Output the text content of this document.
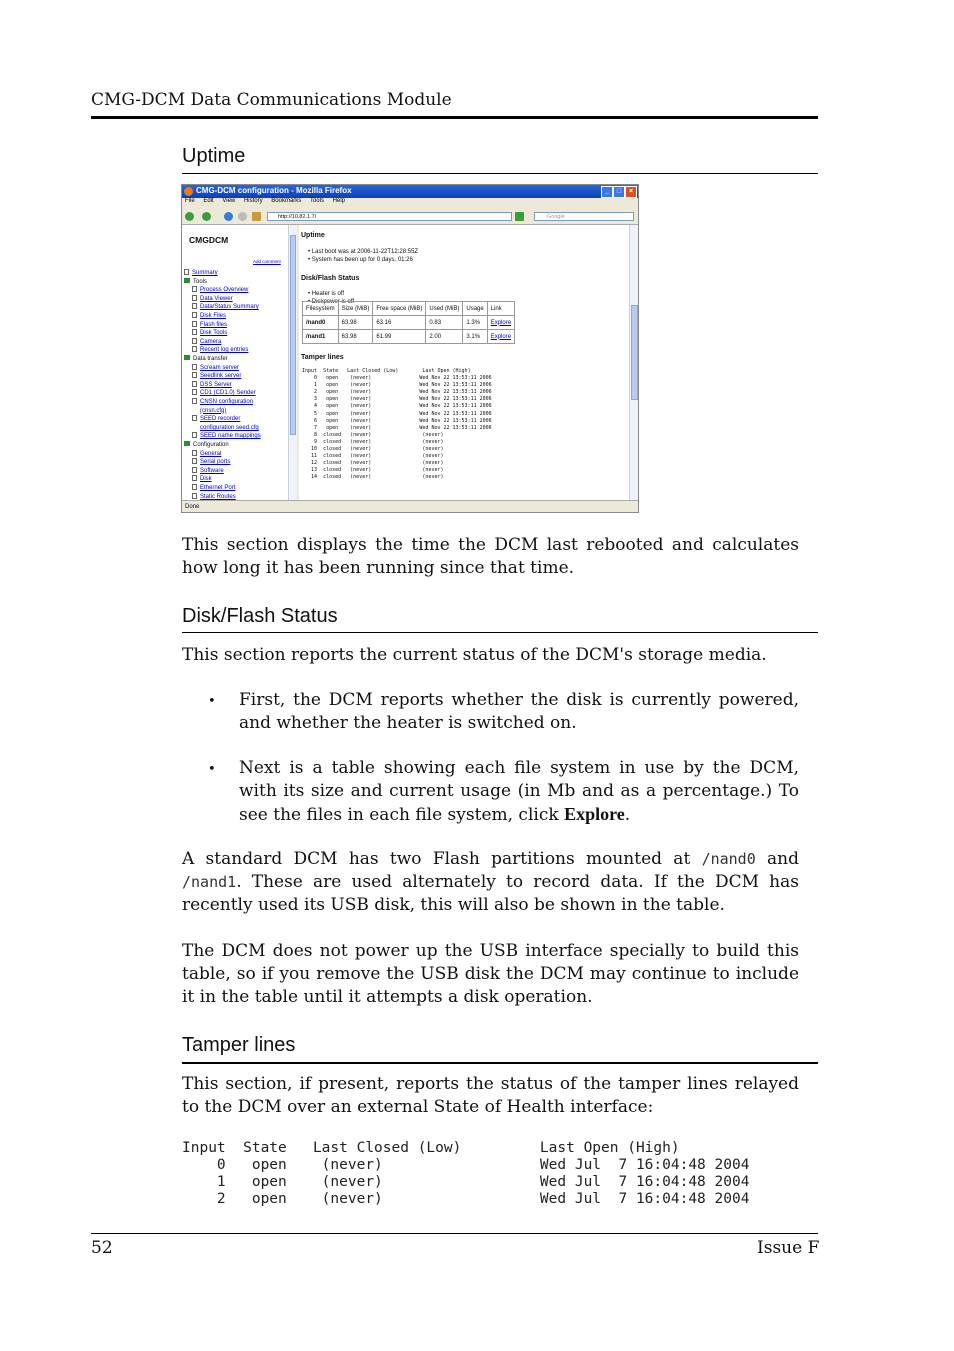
CMG-DCM Data Communications Module
Uptime
CMG-DCM configuration - Mozilla Firefox	_	□	×
File Edit View History Bookmarks Tools Help
http://10.82.1.7/	Google
CMGDCM
Add comment
Summary
Tools
Process Overview
Data Viewer
Data/Status Summary
Disk Files
Flash files
Disk Tools
Camera
Recent log entries
Data transfer
Scream server
Seedlink server
DSS Server
CD1 (CD1.0) Sender
CNSN configuration
(cnsn.cfg)
SEED recorder
configuration seed.cfg
SEED name mappings
Configuration
General
Serial ports
Software
Disk
Ethernet Port
Static Routes
Uptime
• Last boot was at 2006-11-22T12:28:55Z
• System has been up for 0 days, 01:26
Disk/Flash Status
• Heater is off
• Diskpower is off
Filesystem	Size (MiB)	Free space (MiB)	Used (MiB)	Usage	Link
/nand0	63.98	63.16	0.83	1.3%	Explore
/nand1	63.98	61.99	2.00	3.1%	Explore
Tamper lines
Input  State   Last Closed (Low)        Last Open (High)
0   open    (never)                Wed Nov 22 13:53:11 2006
1   open    (never)                Wed Nov 22 13:53:11 2006
2   open    (never)                Wed Nov 22 13:53:11 2006
3   open    (never)                Wed Nov 22 13:53:11 2006
4   open    (never)                Wed Nov 22 13:53:11 2006
5   open    (never)                Wed Nov 22 13:53:11 2006
6   open    (never)                Wed Nov 22 13:53:11 2006
7   open    (never)                Wed Nov 22 13:53:11 2006
8  closed   (never)                 (never)
9  closed   (never)                 (never)
10  closed   (never)                 (never)
11  closed   (never)                 (never)
12  closed   (never)                 (never)
13  closed   (never)                 (never)
14  closed   (never)                 (never)
Done
This section displays the time the DCM last rebooted and calculates how long it has been running since that time.
Disk/Flash Status
This section reports the current status of the DCM's storage media.
• First, the DCM reports whether the disk is currently powered, and whether the heater is switched on.
• Next is a table showing each file system in use by the DCM, with its size and current usage (in Mb and as a percentage.) To see the files in each file system, click Explore.
A standard DCM has two Flash partitions mounted at /nand0 and /nand1. These are used alternately to record data. If the DCM has recently used its USB disk, this will also be shown in the table.
The DCM does not power up the USB interface specially to build this table, so if you remove the USB disk the DCM may continue to include it in the table until it attempts a disk operation.
Tamper lines
This section, if present, reports the status of the tamper lines relayed to the DCM over an external State of Health interface:
Input  State   Last Closed (Low)         Last Open (High)
0   open    (never)                  Wed Jul  7 16:04:48 2004
1   open    (never)                  Wed Jul  7 16:04:48 2004
2   open    (never)                  Wed Jul  7 16:04:48 2004
52	Issue F
